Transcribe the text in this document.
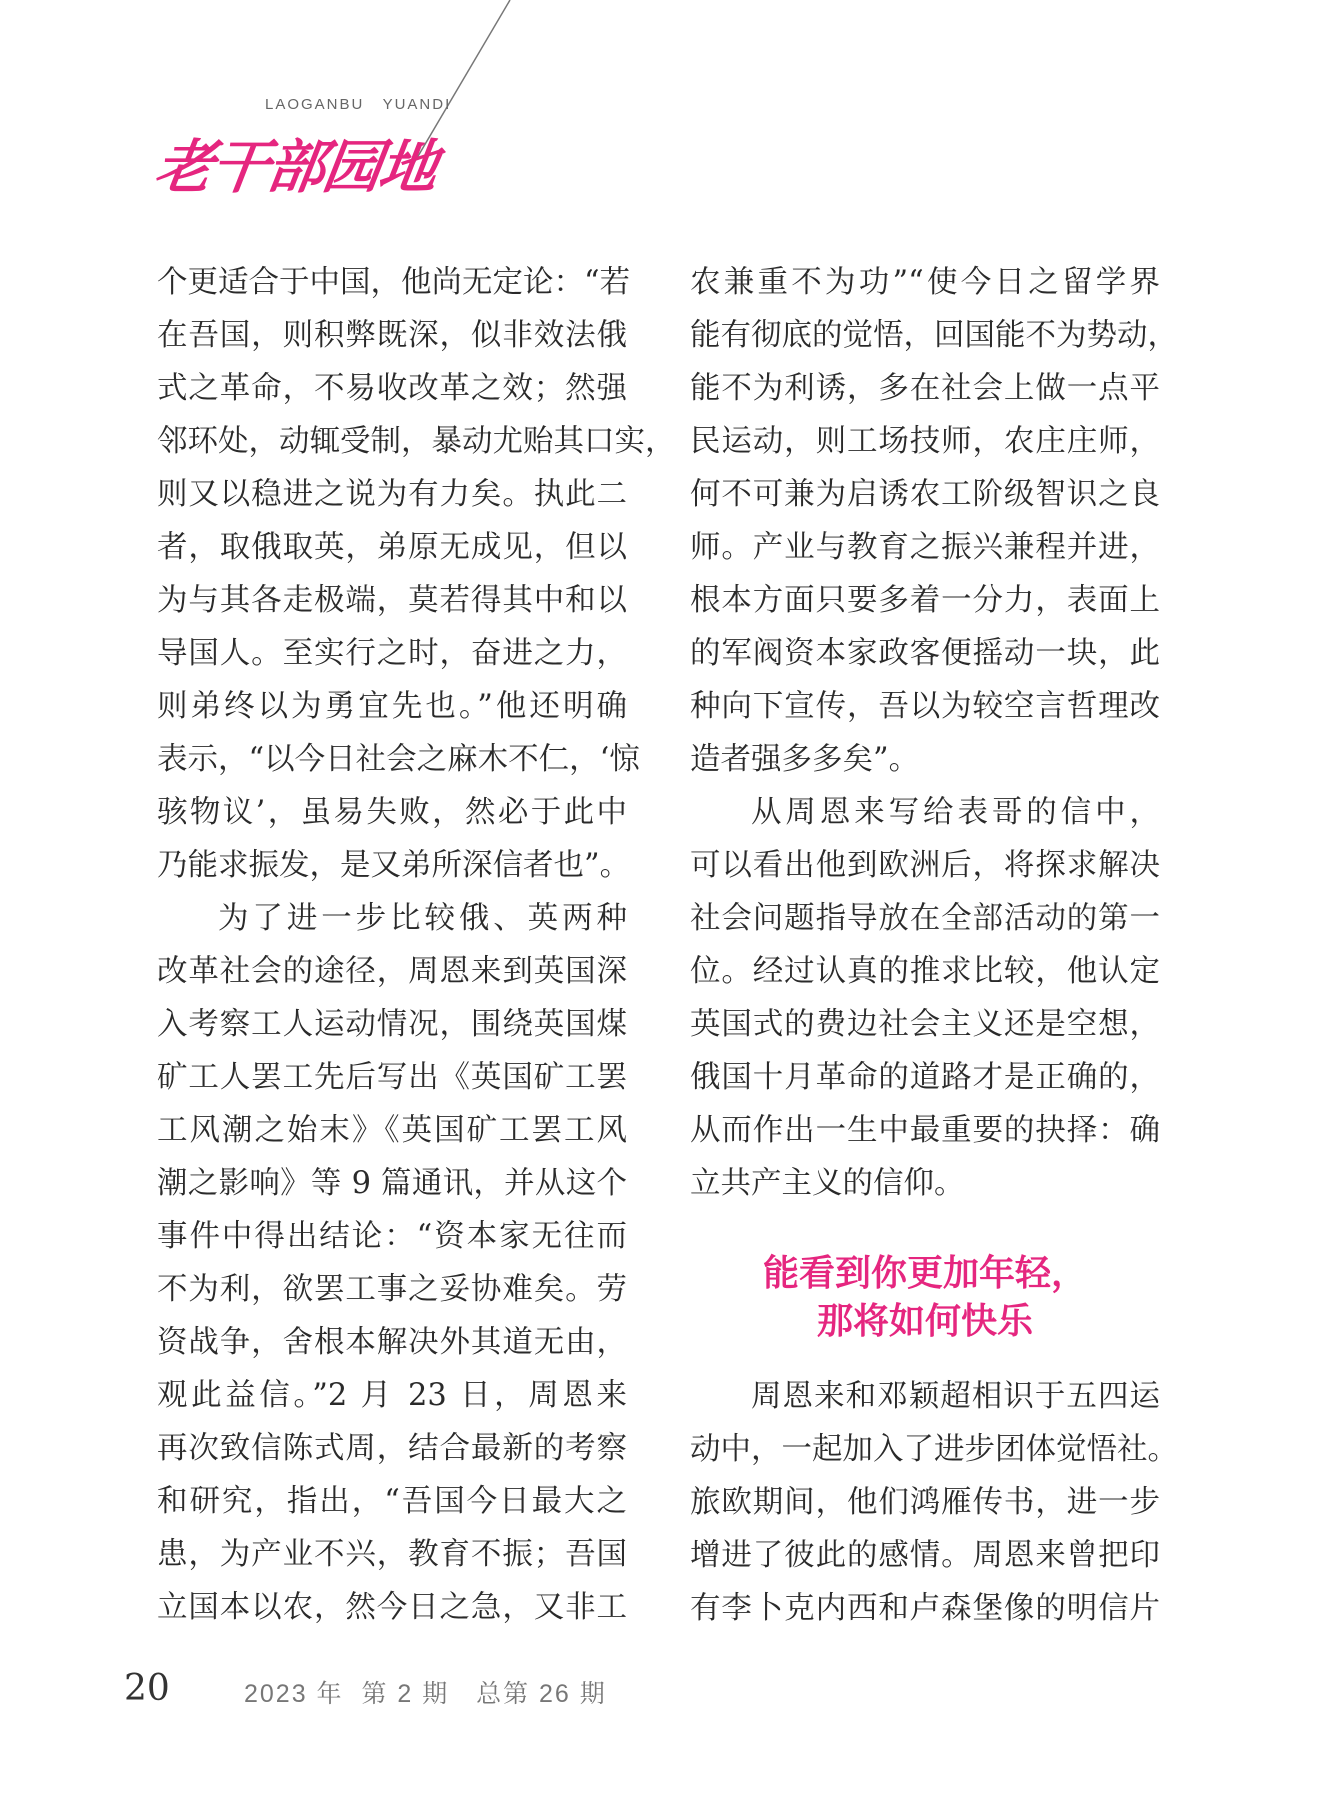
LAOGANBU   YUANDI
老干部园地
个更适合于中国，他尚无定论：“若
在吾国，则积弊既深，似非效法俄
式之革命，不易收改革之效；然强
邻环处，动辄受制，暴动尤贻其口实，
则又以稳进之说为有力矣。执此二
者，取俄取英，弟原无成见，但以
为与其各走极端，莫若得其中和以
导国人。至实行之时，奋进之力，
则弟终以为勇宜先也。”他还明确
表示，“以今日社会之麻木不仁，‘惊
骇物议’，虽易失败，然必于此中
乃能求振发，是又弟所深信者也”。
为了进一步比较俄、英两种
改革社会的途径，周恩来到英国深
入考察工人运动情况，围绕英国煤
矿工人罢工先后写出《英国矿工罢
工风潮之始末》《英国矿工罢工风
潮之影响》等 9 篇通讯，并从这个
事件中得出结论：“资本家无往而
不为利，欲罢工事之妥协难矣。劳
资战争，舍根本解决外其道无由，
观此益信。”2 月 23 日，周恩来
再次致信陈式周，结合最新的考察
和研究，指出，“吾国今日最大之
患，为产业不兴，教育不振；吾国
立国本以农，然今日之急，又非工
农兼重不为功”“使今日之留学界
能有彻底的觉悟，回国能不为势动，
能不为利诱，多在社会上做一点平
民运动，则工场技师，农庄庄师，
何不可兼为启诱农工阶级智识之良
师。产业与教育之振兴兼程并进，
根本方面只要多着一分力，表面上
的军阀资本家政客便摇动一块，此
种向下宣传，吾以为较空言哲理改
造者强多多矣”。
从周恩来写给表哥的信中，
可以看出他到欧洲后，将探求解决
社会问题指导放在全部活动的第一
位。经过认真的推求比较，他认定
英国式的费边社会主义还是空想，
俄国十月革命的道路才是正确的，
从而作出一生中最重要的抉择：确
立共产主义的信仰。
能看到你更加年轻，
那将如何快乐
周恩来和邓颖超相识于五四运
动中，一起加入了进步团体觉悟社。
旅欧期间，他们鸿雁传书，进一步
增进了彼此的感情。周恩来曾把印
有李卜克内西和卢森堡像的明信片
20	2023 年  第 2 期   总第 26 期
